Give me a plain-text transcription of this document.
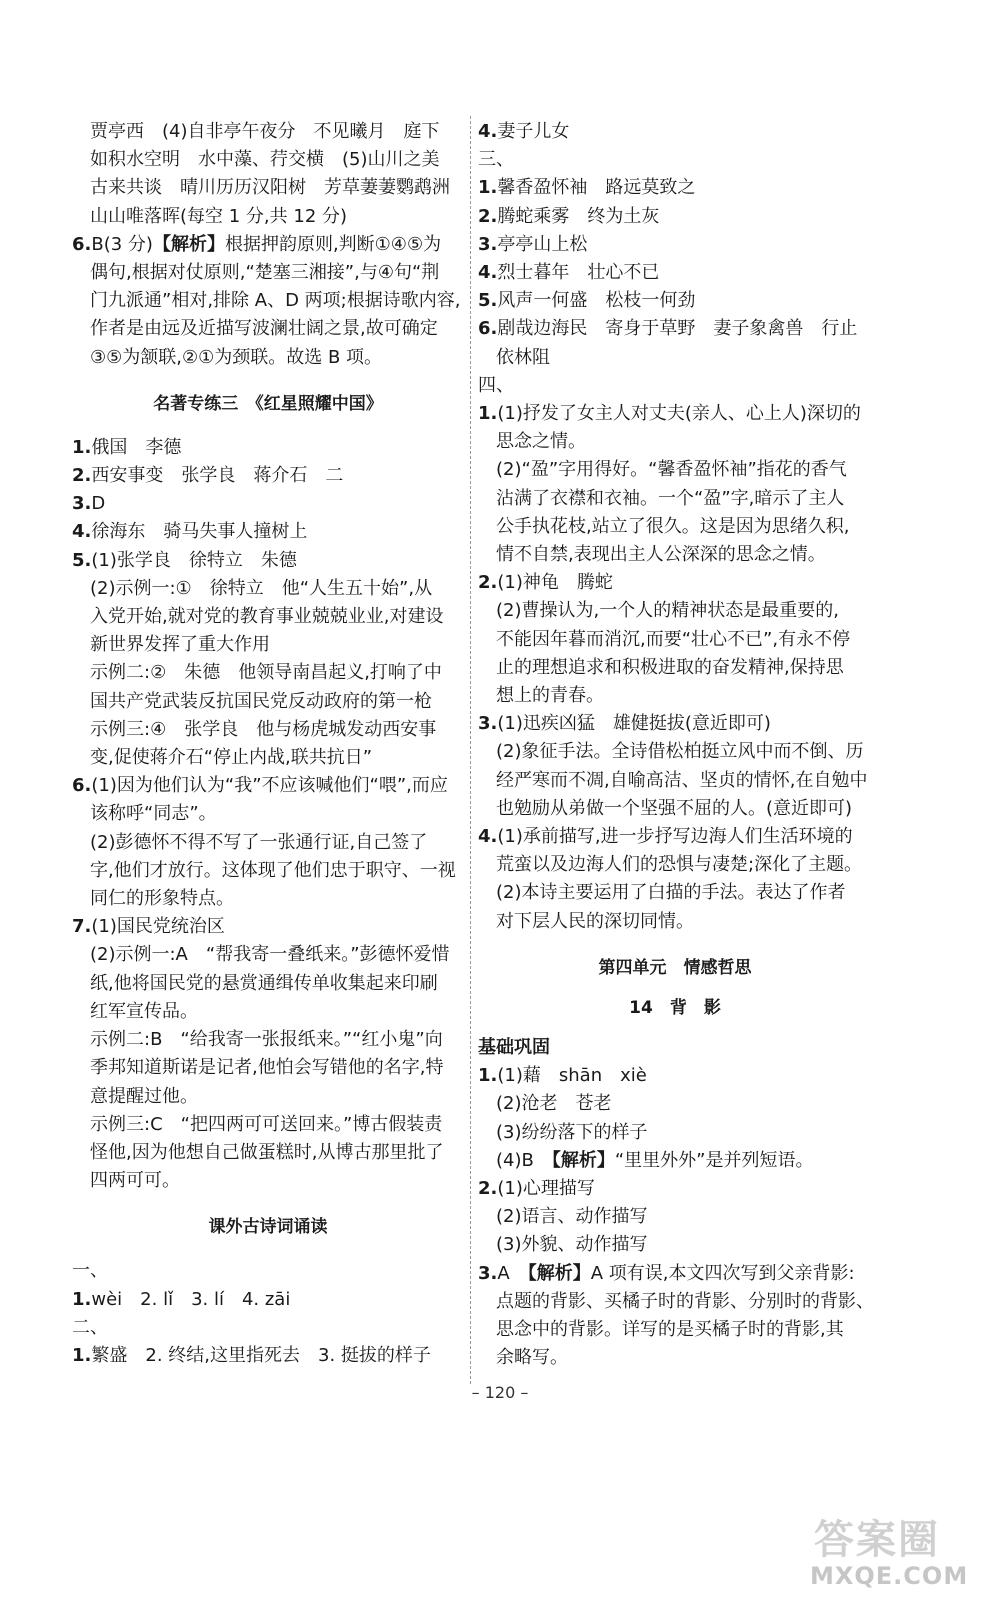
贾亭西　(4)自非亭午夜分　不见曦月　庭下
如积水空明　水中藻、荇交横　(5)山川之美
古来共谈　晴川历历汉阳树　芳草萋萋鹦鹉洲
山山唯落晖(每空 1 分,共 12 分)
6.B(3 分)【解析】根据押韵原则,判断①④⑤为
偶句,根据对仗原则,“楚塞三湘接”,与④句“荆
门九派通”相对,排除 A、D 两项;根据诗歌内容,
作者是由远及近描写波澜壮阔之景,故可确定
③⑤为颔联,②①为颈联。故选 B 项。
名著专练三　《红星照耀中国》
1.俄国　李德
2.西安事变　张学良　蒋介石　二
3.D
4.徐海东　骑马失事人撞树上
5.(1)张学良　徐特立　朱德
(2)示例一:①　徐特立　他“人生五十始”,从
入党开始,就对党的教育事业兢兢业业,对建设
新世界发挥了重大作用
示例二:②　朱德　他领导南昌起义,打响了中
国共产党武装反抗国民党反动政府的第一枪
示例三:④　张学良　他与杨虎城发动西安事
变,促使蒋介石“停止内战,联共抗日”
6.(1)因为他们认为“我”不应该喊他们“喂”,而应
该称呼“同志”。
(2)彭德怀不得不写了一张通行证,自己签了
字,他们才放行。这体现了他们忠于职守、一视
同仁的形象特点。
7.(1)国民党统治区
(2)示例一:A　“帮我寄一叠纸来。”彭德怀爱惜
纸,他将国民党的悬赏通缉传单收集起来印刷
红军宣传品。
示例二:B　“给我寄一张报纸来。”“红小鬼”向
季邦知道斯诺是记者,他怕会写错他的名字,特
意提醒过他。
示例三:C　“把四两可可送回来。”博古假装责
怪他,因为他想自己做蛋糕时,从博古那里批了
四两可可。
课外古诗词诵读
一、
1.wèi　2. lǐ　3. lí　4. zāi
二、
1.繁盛　2. 终结,这里指死去　3. 挺拔的样子
4.妻子儿女
三、
1.馨香盈怀袖　路远莫致之
2.腾蛇乘雾　终为土灰
3.亭亭山上松
4.烈士暮年　壮心不已
5.风声一何盛　松枝一何劲
6.剧哉边海民　寄身于草野　妻子象禽兽　行止
依林阻
四、
1.(1)抒发了女主人对丈夫(亲人、心上人)深切的
思念之情。
(2)“盈”字用得好。“馨香盈怀袖”指花的香气
沾满了衣襟和衣袖。一个“盈”字,暗示了主人
公手执花枝,站立了很久。这是因为思绪久积,
情不自禁,表现出主人公深深的思念之情。
2.(1)神龟　腾蛇
(2)曹操认为,一个人的精神状态是最重要的,
不能因年暮而消沉,而要“壮心不已”,有永不停
止的理想追求和积极进取的奋发精神,保持思
想上的青春。
3.(1)迅疾凶猛　雄健挺拔(意近即可)
(2)象征手法。全诗借松柏挺立风中而不倒、历
经严寒而不凋,自喻高洁、坚贞的情怀,在自勉中
也勉励从弟做一个坚强不屈的人。(意近即可)
4.(1)承前描写,进一步抒写边海人们生活环境的
荒蛮以及边海人们的恐惧与凄楚;深化了主题。
(2)本诗主要运用了白描的手法。表达了作者
对下层人民的深切同情。
第四单元　情感哲思
14　背　影
基础巩固
1.(1)藉　shān　xiè
(2)沧老　苍老
(3)纷纷落下的样子
(4)B　【解析】“里里外外”是并列短语。
2.(1)心理描写
(2)语言、动作描写
(3)外貌、动作描写
3.A　【解析】A 项有误,本文四次写到父亲背影:
点题的背影、买橘子时的背影、分别时的背影、
思念中的背影。详写的是买橘子时的背影,其
余略写。
– 120 –
答案圈
MXQE.COM
